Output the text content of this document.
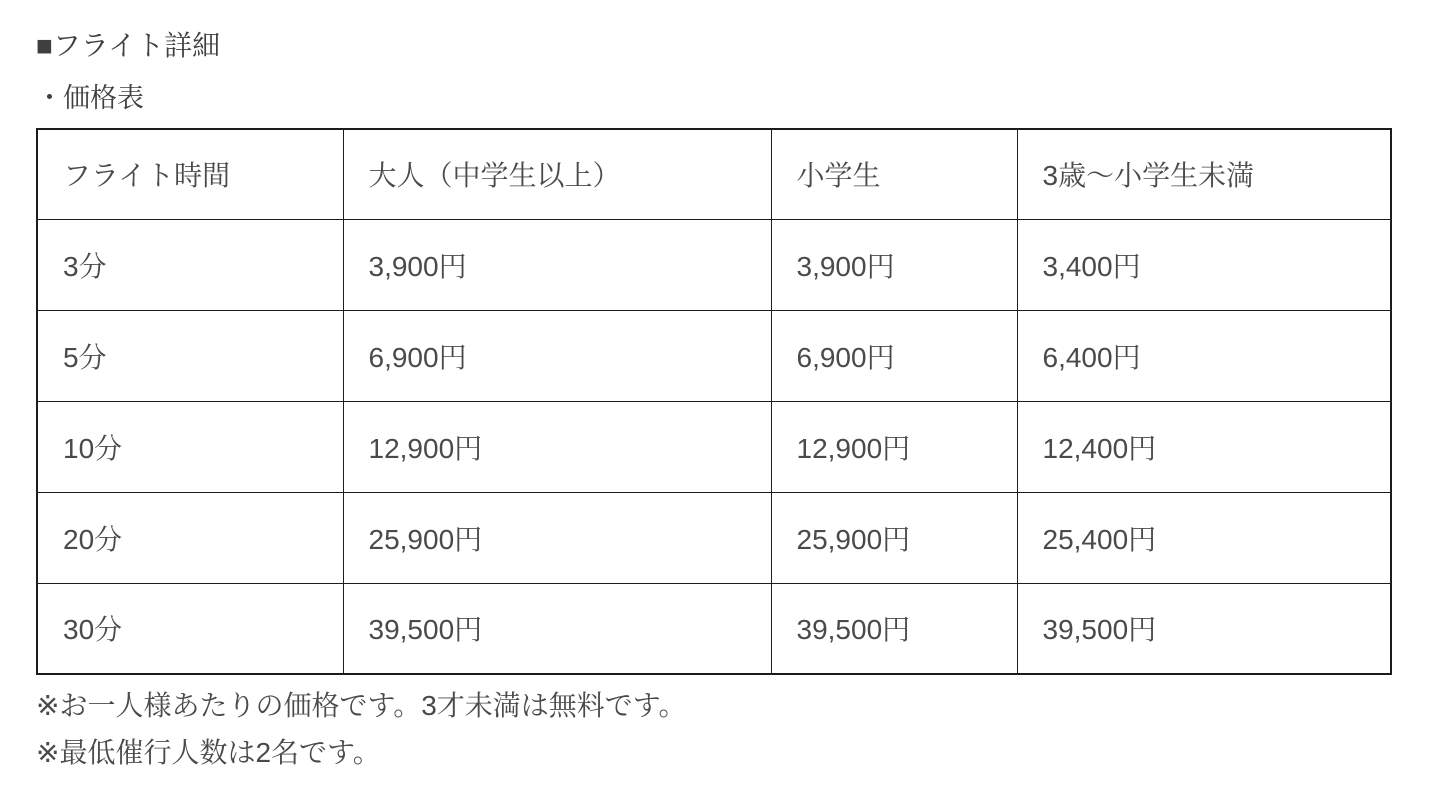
■フライト詳細
・価格表
フライト時間	大人（中学生以上）	小学生	3歳〜小学生未満
3分	3,900円	3,900円	3,400円
5分	6,900円	6,900円	6,400円
10分	12,900円	12,900円	12,400円
20分	25,900円	25,900円	25,400円
30分	39,500円	39,500円	39,500円

※お一人様あたりの価格です。3才未満は無料です。

※最低催行人数は2名です。
